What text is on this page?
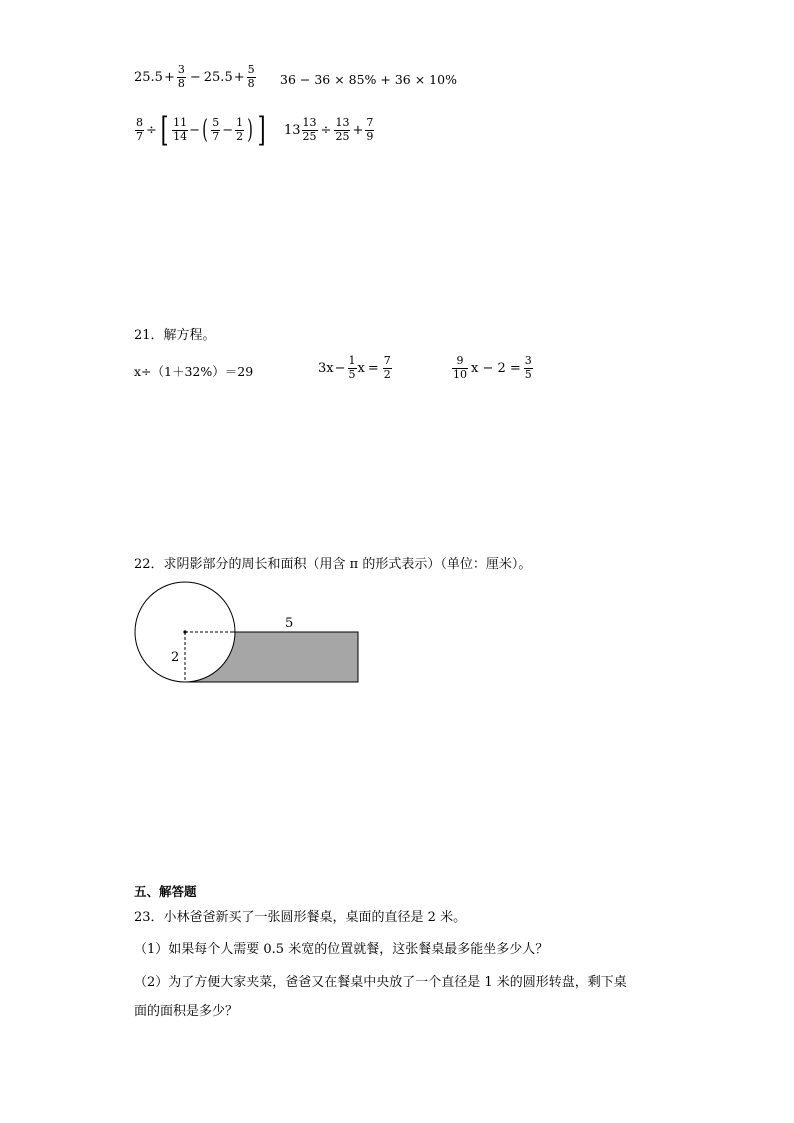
$25.5 + \frac{3}{8} - 25.5 + \frac{5}{8} 36 - 36 \times 85\% + 36 \times 10\%$
$\frac{8}{7}$ ÷ [ $\frac{11}{14}$ − ( $\frac{5}{7} - \frac{1}{2}$ ) ] $13 \frac{13}{25} \div \frac{13}{25} + \frac{7}{9}$
21．解方程。
x÷（1＋32%）＝29	$3x - \frac{1}{5}$ $x = \frac{7}{2}$	$\frac{9}{10}$ $x - 2 = \frac{3}{5}$
22．求阴影部分的周长和面积（用含 π 的形式表示）（单位：厘米）。
5
2
五、解答题
23．小林爸爸新买了一张圆形餐桌，桌面的直径是 2 米。
（1）如果每个人需要 0.5 米宽的位置就餐，这张餐桌最多能坐多少人？
（2）为了方便大家夹菜，爸爸又在餐桌中央放了一个直径是 1 米的圆形转盘，剩下桌
面的面积是多少？
